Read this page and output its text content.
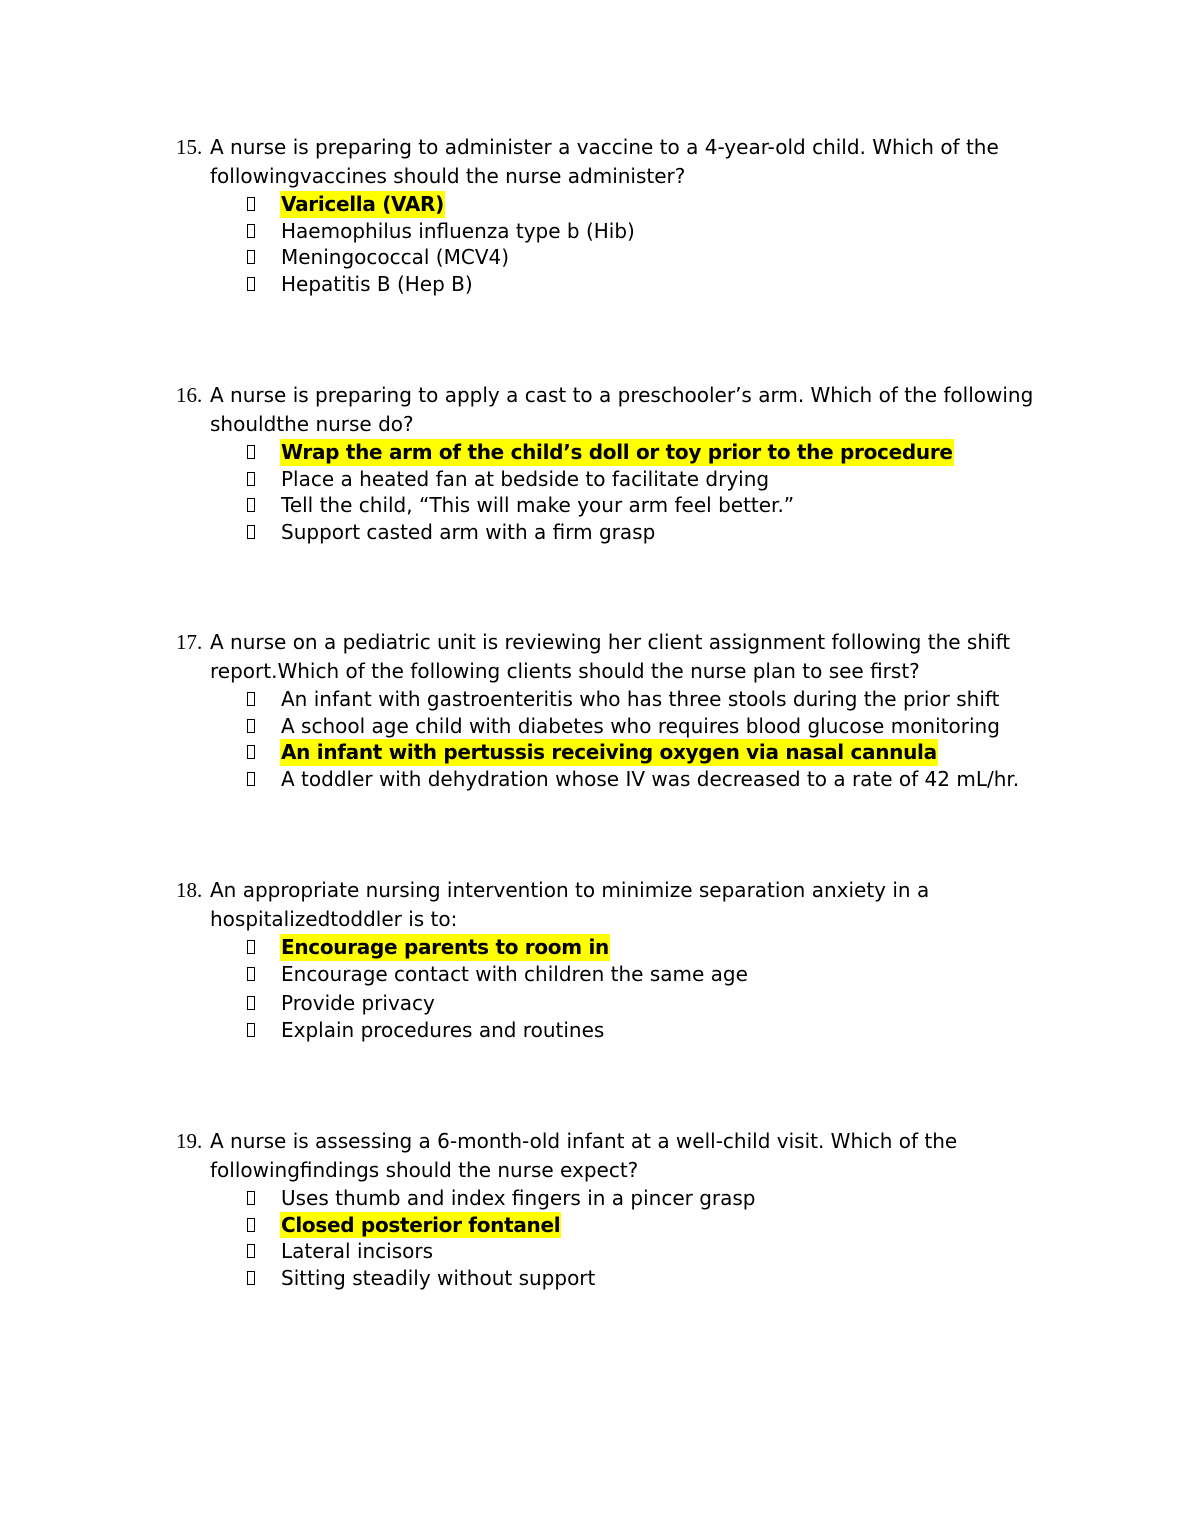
15. A nurse is preparing to administer a vaccine to a 4-year-old child. Which of the
followingvaccines should the nurse administer?
Varicella (VAR)
Haemophilus influenza type b (Hib)
Meningococcal (MCV4)
Hepatitis B (Hep B)
16. A nurse is preparing to apply a cast to a preschooler’s arm. Which of the following
shouldthe nurse do?
Wrap the arm of the child’s doll or toy prior to the procedure
Place a heated fan at bedside to facilitate drying
Tell the child, “This will make your arm feel better.”
Support casted arm with a firm grasp
17. A nurse on a pediatric unit is reviewing her client assignment following the shift
report.Which of the following clients should the nurse plan to see first?
An infant with gastroenteritis who has three stools during the prior shift
A school age child with diabetes who requires blood glucose monitoring
An infant with pertussis receiving oxygen via nasal cannula
A toddler with dehydration whose IV was decreased to a rate of 42 mL/hr.
18. An appropriate nursing intervention to minimize separation anxiety in a
hospitalizedtoddler is to:
Encourage parents to room in
Encourage contact with children the same age
Provide privacy
Explain procedures and routines
19. A nurse is assessing a 6-month-old infant at a well-child visit. Which of the
followingfindings should the nurse expect?
Uses thumb and index fingers in a pincer grasp
Closed posterior fontanel
Lateral incisors
Sitting steadily without support
